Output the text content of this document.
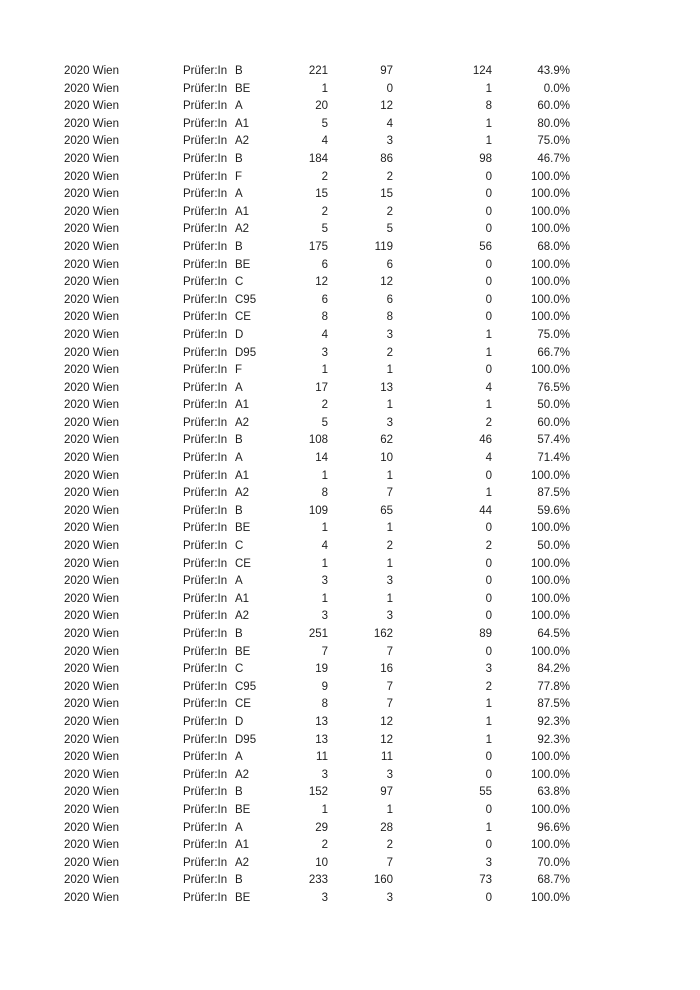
2020 Wien	Prüfer:In B	221	97	124	43.9%
2020 Wien	Prüfer:In BE	1	0	1	0.0%
2020 Wien	Prüfer:In A	20	12	8	60.0%
2020 Wien	Prüfer:In A1	5	4	1	80.0%
2020 Wien	Prüfer:In A2	4	3	1	75.0%
2020 Wien	Prüfer:In B	184	86	98	46.7%
2020 Wien	Prüfer:In F	2	2	0	100.0%
2020 Wien	Prüfer:In A	15	15	0	100.0%
2020 Wien	Prüfer:In A1	2	2	0	100.0%
2020 Wien	Prüfer:In A2	5	5	0	100.0%
2020 Wien	Prüfer:In B	175	119	56	68.0%
2020 Wien	Prüfer:In BE	6	6	0	100.0%
2020 Wien	Prüfer:In C	12	12	0	100.0%
2020 Wien	Prüfer:In C95	6	6	0	100.0%
2020 Wien	Prüfer:In CE	8	8	0	100.0%
2020 Wien	Prüfer:In D	4	3	1	75.0%
2020 Wien	Prüfer:In D95	3	2	1	66.7%
2020 Wien	Prüfer:In F	1	1	0	100.0%
2020 Wien	Prüfer:In A	17	13	4	76.5%
2020 Wien	Prüfer:In A1	2	1	1	50.0%
2020 Wien	Prüfer:In A2	5	3	2	60.0%
2020 Wien	Prüfer:In B	108	62	46	57.4%
2020 Wien	Prüfer:In A	14	10	4	71.4%
2020 Wien	Prüfer:In A1	1	1	0	100.0%
2020 Wien	Prüfer:In A2	8	7	1	87.5%
2020 Wien	Prüfer:In B	109	65	44	59.6%
2020 Wien	Prüfer:In BE	1	1	0	100.0%
2020 Wien	Prüfer:In C	4	2	2	50.0%
2020 Wien	Prüfer:In CE	1	1	0	100.0%
2020 Wien	Prüfer:In A	3	3	0	100.0%
2020 Wien	Prüfer:In A1	1	1	0	100.0%
2020 Wien	Prüfer:In A2	3	3	0	100.0%
2020 Wien	Prüfer:In B	251	162	89	64.5%
2020 Wien	Prüfer:In BE	7	7	0	100.0%
2020 Wien	Prüfer:In C	19	16	3	84.2%
2020 Wien	Prüfer:In C95	9	7	2	77.8%
2020 Wien	Prüfer:In CE	8	7	1	87.5%
2020 Wien	Prüfer:In D	13	12	1	92.3%
2020 Wien	Prüfer:In D95	13	12	1	92.3%
2020 Wien	Prüfer:In A	11	11	0	100.0%
2020 Wien	Prüfer:In A2	3	3	0	100.0%
2020 Wien	Prüfer:In B	152	97	55	63.8%
2020 Wien	Prüfer:In BE	1	1	0	100.0%
2020 Wien	Prüfer:In A	29	28	1	96.6%
2020 Wien	Prüfer:In A1	2	2	0	100.0%
2020 Wien	Prüfer:In A2	10	7	3	70.0%
2020 Wien	Prüfer:In B	233	160	73	68.7%
2020 Wien	Prüfer:In BE	3	3	0	100.0%
